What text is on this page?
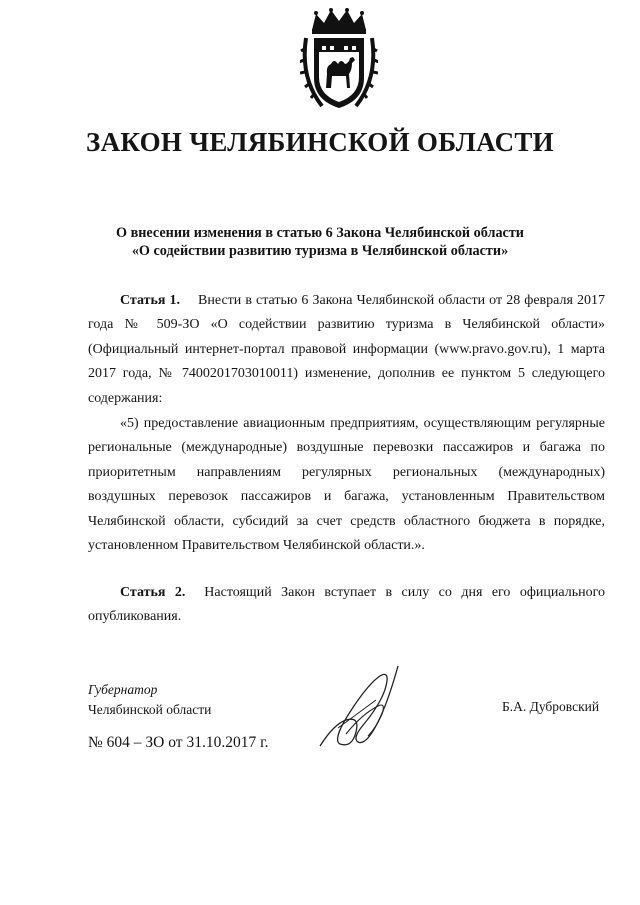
ЗАКОН ЧЕЛЯБИНСКОЙ ОБЛАСТИ
О внесении изменения в статью 6 Закона Челябинской области
«О содействии развитию туризма в Челябинской области»
Статья 1. Внести в статью 6 Закона Челябинской области от 28 февраля 2017
года № 509-ЗО «О содействии развитию туризма в Челябинской области»
(Официальный интернет-портал правовой информации (www.pravo.gov.ru), 1 марта
2017 года, № 7400201703010011) изменение, дополнив ее пунктом 5 следующего
содержания:
«5) предоставление авиационным предприятиям, осуществляющим регулярные
региональные (международные) воздушные перевозки пассажиров и багажа по
приоритетным направлениям регулярных региональных (международных)
воздушных перевозок пассажиров и багажа, установленным Правительством
Челябинской области, субсидий за счет средств областного бюджета в порядке,
установленном Правительством Челябинской области.».
Статья 2. Настоящий Закон вступает в силу со дня его официального
опубликования.
Губернатор
Челябинской области	Б.А. Дубровский
№ 604 – ЗО от 31.10.2017 г.
